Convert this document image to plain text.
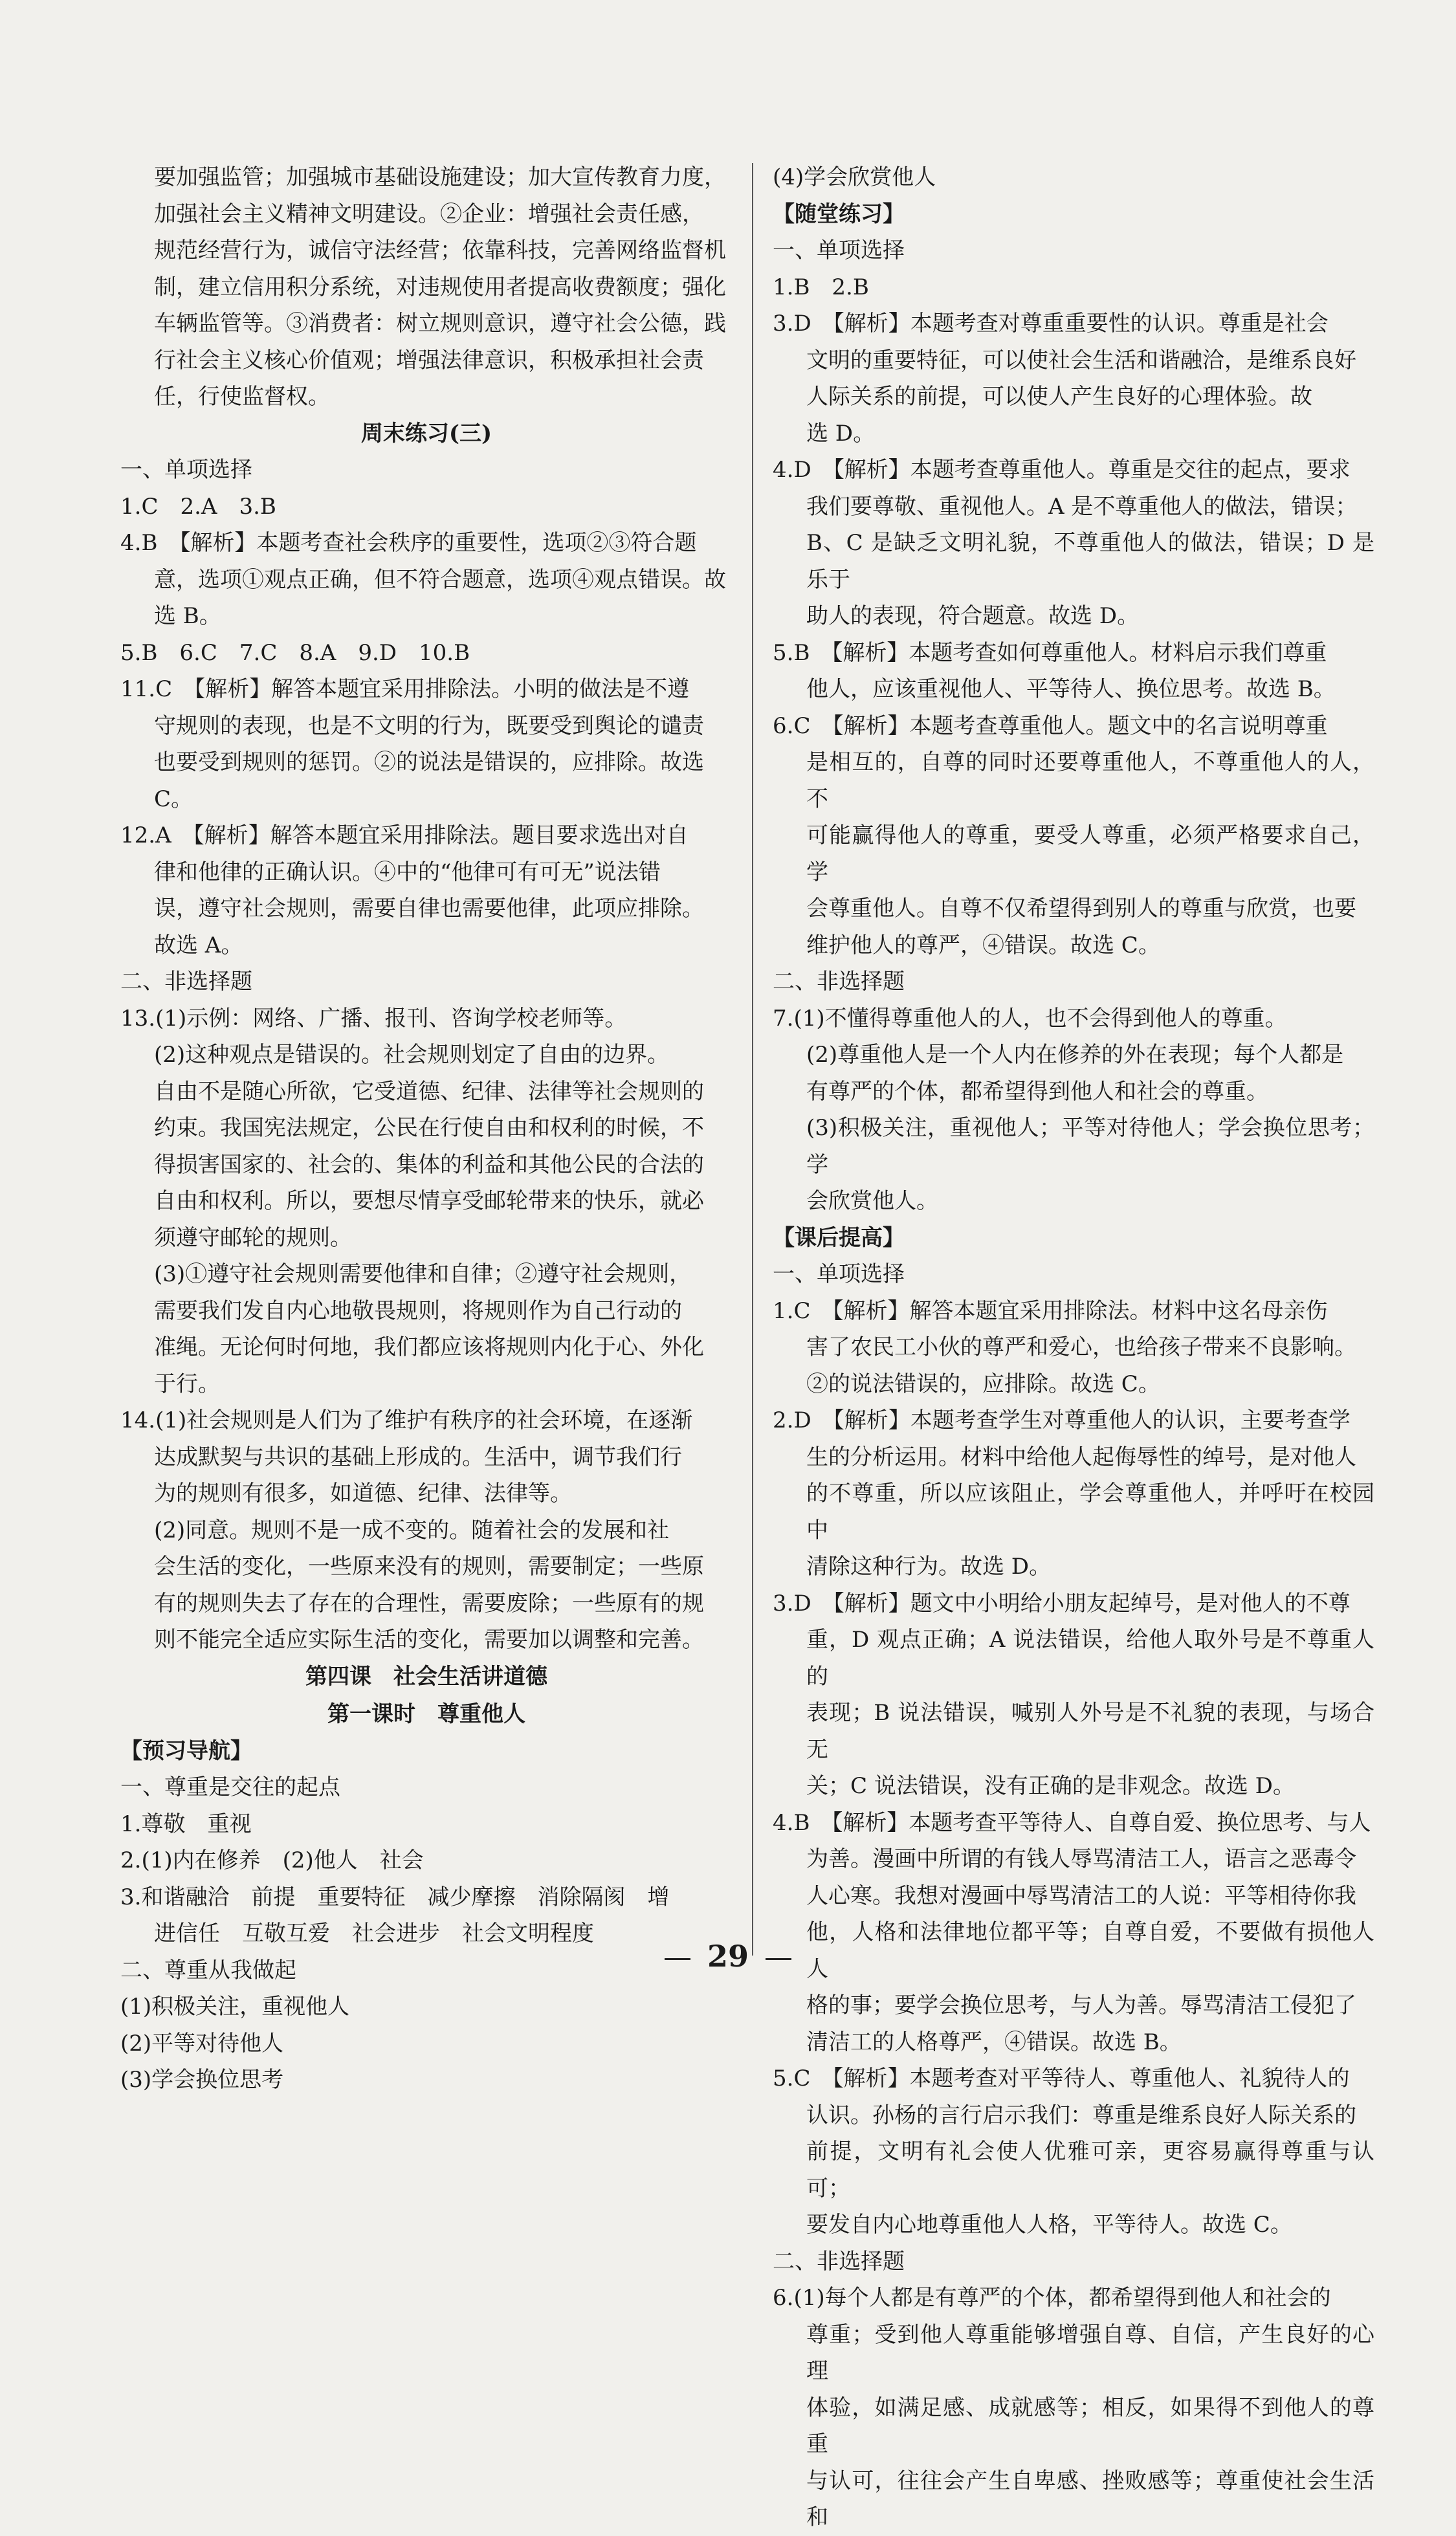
要加强监管；加强城市基础设施建设；加大宣传教育力度，

加强社会主义精神文明建设。②企业：增强社会责任感，

规范经营行为，诚信守法经营；依靠科技，完善网络监督机

制，建立信用积分系统，对违规使用者提高收费额度；强化

车辆监管等。③消费者：树立规则意识，遵守社会公德，践

行社会主义核心价值观；增强法律意识，积极承担社会责

任，行使监督权。

周末练习(三)

一、单项选择

1.C　2.A　3.B

4.B　【解析】本题考查社会秩序的重要性，选项②③符合题

意，选项①观点正确，但不符合题意，选项④观点错误。故

选 B。

5.B　6.C　7.C　8.A　9.D　10.B

11.C　【解析】解答本题宜采用排除法。小明的做法是不遵

守规则的表现，也是不文明的行为，既要受到舆论的谴责

也要受到规则的惩罚。②的说法是错误的，应排除。故选

C。

12.A　【解析】解答本题宜采用排除法。题目要求选出对自

律和他律的正确认识。④中的“他律可有可无”说法错

误，遵守社会规则，需要自律也需要他律，此项应排除。

故选 A。

二、非选择题

13.(1)示例：网络、广播、报刊、咨询学校老师等。

(2)这种观点是错误的。社会规则划定了自由的边界。

自由不是随心所欲，它受道德、纪律、法律等社会规则的

约束。我国宪法规定，公民在行使自由和权利的时候，不

得损害国家的、社会的、集体的利益和其他公民的合法的

自由和权利。所以，要想尽情享受邮轮带来的快乐，就必

须遵守邮轮的规则。

(3)①遵守社会规则需要他律和自律；②遵守社会规则，

需要我们发自内心地敬畏规则，将规则作为自己行动的

准绳。无论何时何地，我们都应该将规则内化于心、外化

于行。

14.(1)社会规则是人们为了维护有秩序的社会环境，在逐渐

达成默契与共识的基础上形成的。生活中，调节我们行

为的规则有很多，如道德、纪律、法律等。

(2)同意。规则不是一成不变的。随着社会的发展和社

会生活的变化，一些原来没有的规则，需要制定；一些原

有的规则失去了存在的合理性，需要废除；一些原有的规

则不能完全适应实际生活的变化，需要加以调整和完善。

第四课　社会生活讲道德

第一课时　尊重他人

【预习导航】

一、尊重是交往的起点

1.尊敬　重视

2.(1)内在修养　(2)他人　社会

3.和谐融洽　前提　重要特征　减少摩擦　消除隔阂　增

进信任　互敬互爱　社会进步　社会文明程度

二、尊重从我做起

(1)积极关注，重视他人

(2)平等对待他人

(3)学会换位思考

(4)学会欣赏他人

【随堂练习】

一、单项选择

1.B　2.B

3.D　【解析】本题考查对尊重重要性的认识。尊重是社会

文明的重要特征，可以使社会生活和谐融洽，是维系良好

人际关系的前提，可以使人产生良好的心理体验。故

选 D。

4.D　【解析】本题考查尊重他人。尊重是交往的起点，要求

我们要尊敬、重视他人。A 是不尊重他人的做法，错误；

B、C 是缺乏文明礼貌，不尊重他人的做法，错误；D 是乐于

助人的表现，符合题意。故选 D。

5.B　【解析】本题考查如何尊重他人。材料启示我们尊重

他人，应该重视他人、平等待人、换位思考。故选 B。

6.C　【解析】本题考查尊重他人。题文中的名言说明尊重

是相互的，自尊的同时还要尊重他人，不尊重他人的人，不

可能赢得他人的尊重，要受人尊重，必须严格要求自己，学

会尊重他人。自尊不仅希望得到别人的尊重与欣赏，也要

维护他人的尊严，④错误。故选 C。

二、非选择题

7.(1)不懂得尊重他人的人，也不会得到他人的尊重。

(2)尊重他人是一个人内在修养的外在表现；每个人都是

有尊严的个体，都希望得到他人和社会的尊重。

(3)积极关注，重视他人；平等对待他人；学会换位思考；学

会欣赏他人。

【课后提高】

一、单项选择

1.C　【解析】解答本题宜采用排除法。材料中这名母亲伤

害了农民工小伙的尊严和爱心，也给孩子带来不良影响。

②的说法错误的，应排除。故选 C。

2.D　【解析】本题考查学生对尊重他人的认识，主要考查学

生的分析运用。材料中给他人起侮辱性的绰号，是对他人

的不尊重，所以应该阻止，学会尊重他人，并呼吁在校园中

清除这种行为。故选 D。

3.D　【解析】题文中小明给小朋友起绰号，是对他人的不尊

重，D 观点正确；A 说法错误，给他人取外号是不尊重人的

表现；B 说法错误，喊别人外号是不礼貌的表现，与场合无

关；C 说法错误，没有正确的是非观念。故选 D。

4.B　【解析】本题考查平等待人、自尊自爱、换位思考、与人

为善。漫画中所谓的有钱人辱骂清洁工人，语言之恶毒令

人心寒。我想对漫画中辱骂清洁工的人说：平等相待你我

他，人格和法律地位都平等；自尊自爱，不要做有损他人人

格的事；要学会换位思考，与人为善。辱骂清洁工侵犯了

清洁工的人格尊严，④错误。故选 B。

5.C　【解析】本题考查对平等待人、尊重他人、礼貌待人的

认识。孙杨的言行启示我们：尊重是维系良好人际关系的

前提，文明有礼会使人优雅可亲，更容易赢得尊重与认可；

要发自内心地尊重他人人格，平等待人。故选 C。

二、非选择题

6.(1)每个人都是有尊严的个体，都希望得到他人和社会的

尊重；受到他人尊重能够增强自尊、自信，产生良好的心理

体验，如满足感、成就感等；相反，如果得不到他人的尊重

与认可，往往会产生自卑感、挫败感等；尊重使社会生活和

29
